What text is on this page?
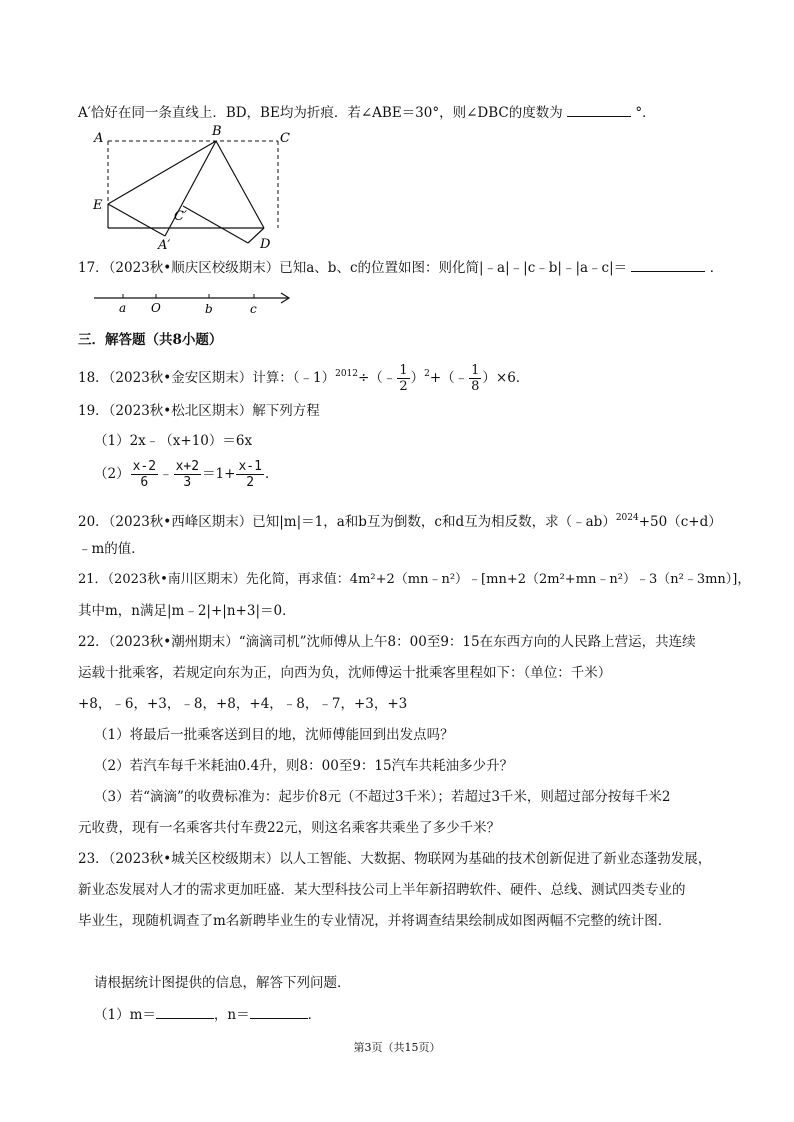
A′恰好在同一条直线上．BD，BE均为折痕．若∠ABE＝30°，则∠DBC的度数为	°．
A	B	C
E
C′
A′	D
17．（2023秋•顺庆区校级期末）已知a、b、c的位置如图：则化简|﹣a|﹣|c﹣b|﹣|a﹣c|＝	．
a O	b	c
三．解答题（共8小题）
18．（2023秋•金安区期末）计算：（﹣1）$^{2012}$÷（﹣ $\frac{1}{2}$ ）$^2$+（﹣ $\frac{1}{8} )\times 6$．
19．（2023秋•松北区期末）解下列方程
（1）2x﹣（x+10）＝6x
$(2) \frac{x-2}{6}$ ﹣ $\frac{x+2}{3} =1+ \frac{x-1}{2}$ ．
20．（2023秋•西峰区期末）已知|m|＝1，a和b互为倒数，c和d互为相反数，求（﹣ab）$^{2024}$+50（c+d）
﹣m的值．
21．（2023秋•南川区期末）先化简，再求值：4m²+2（mn﹣n²）﹣[mn+2（2m²+mn﹣n²）﹣3（n²﹣3mn）]，
其中m，n满足|m﹣2|+|n+3|＝0．
22．（2023秋•潮州期末）“滴滴司机”沈师傅从上午8：00至9：15在东西方向的人民路上营运，共连续
运载十批乘客，若规定向东为正，向西为负，沈师傅运十批乘客里程如下：（单位：千米）
+8，﹣6，+3，﹣8，+8，+4，﹣8，﹣7，+3，+3
（1）将最后一批乘客送到目的地，沈师傅能回到出发点吗？
（2）若汽车每千米耗油0.4升，则8：00至9：15汽车共耗油多少升？
（3）若“滴滴”的收费标准为：起步价8元（不超过3千米）；若超过3千米，则超过部分按每千米2
元收费，现有一名乘客共付车费22元，则这名乘客共乘坐了多少千米？
23．（2023秋•城关区校级期末）以人工智能、大数据、物联网为基础的技术创新促进了新业态蓬勃发展，
新业态发展对人才的需求更加旺盛．某大型科技公司上半年新招聘软件、硬件、总线、测试四类专业的
毕业生，现随机调查了m名新聘毕业生的专业情况，并将调查结果绘制成如图两幅不完整的统计图．
请根据统计图提供的信息，解答下列问题．
（1）m＝	，n＝	．
第3页（共15页）
